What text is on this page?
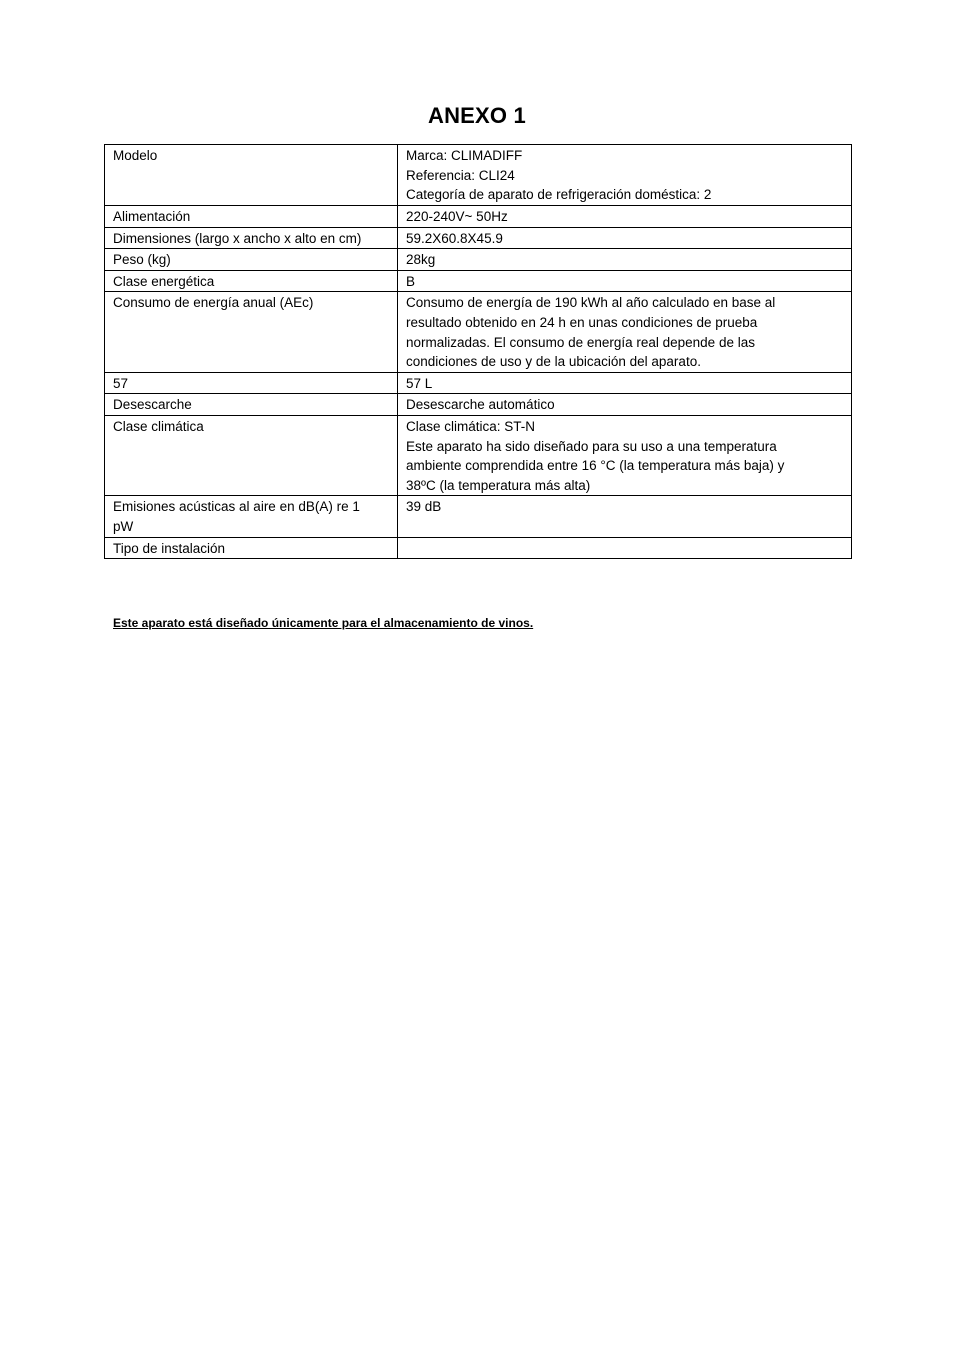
ANEXO 1
Modelo	Marca: CLIMADIFF
Referencia: CLI24
Categoría de aparato de refrigeración doméstica: 2

Alimentación	220-240V~ 50Hz

Dimensiones (largo x ancho x alto en cm)	59.2X60.8X45.9

Peso (kg)	28kg

Clase energética	B

Consumo de energía anual (AEc)	Consumo de energía de 190 kWh al año calculado en base al
resultado obtenido en 24 h en unas condiciones de prueba
normalizadas. El consumo de energía real depende de las
condiciones de uso y de la ubicación del aparato.

57	57 L

Desescarche	Desescarche automático

Clase climática	Clase climática: ST-N
Este aparato ha sido diseñado para su uso a una temperatura
ambiente comprendida entre 16 °C (la temperatura más baja) y
38ºC (la temperatura más alta)

Emisiones acústicas al aire en dB(A) re 1
pW	39 dB

Tipo de instalación	

Este aparato está diseñado únicamente para el almacenamiento de vinos.
